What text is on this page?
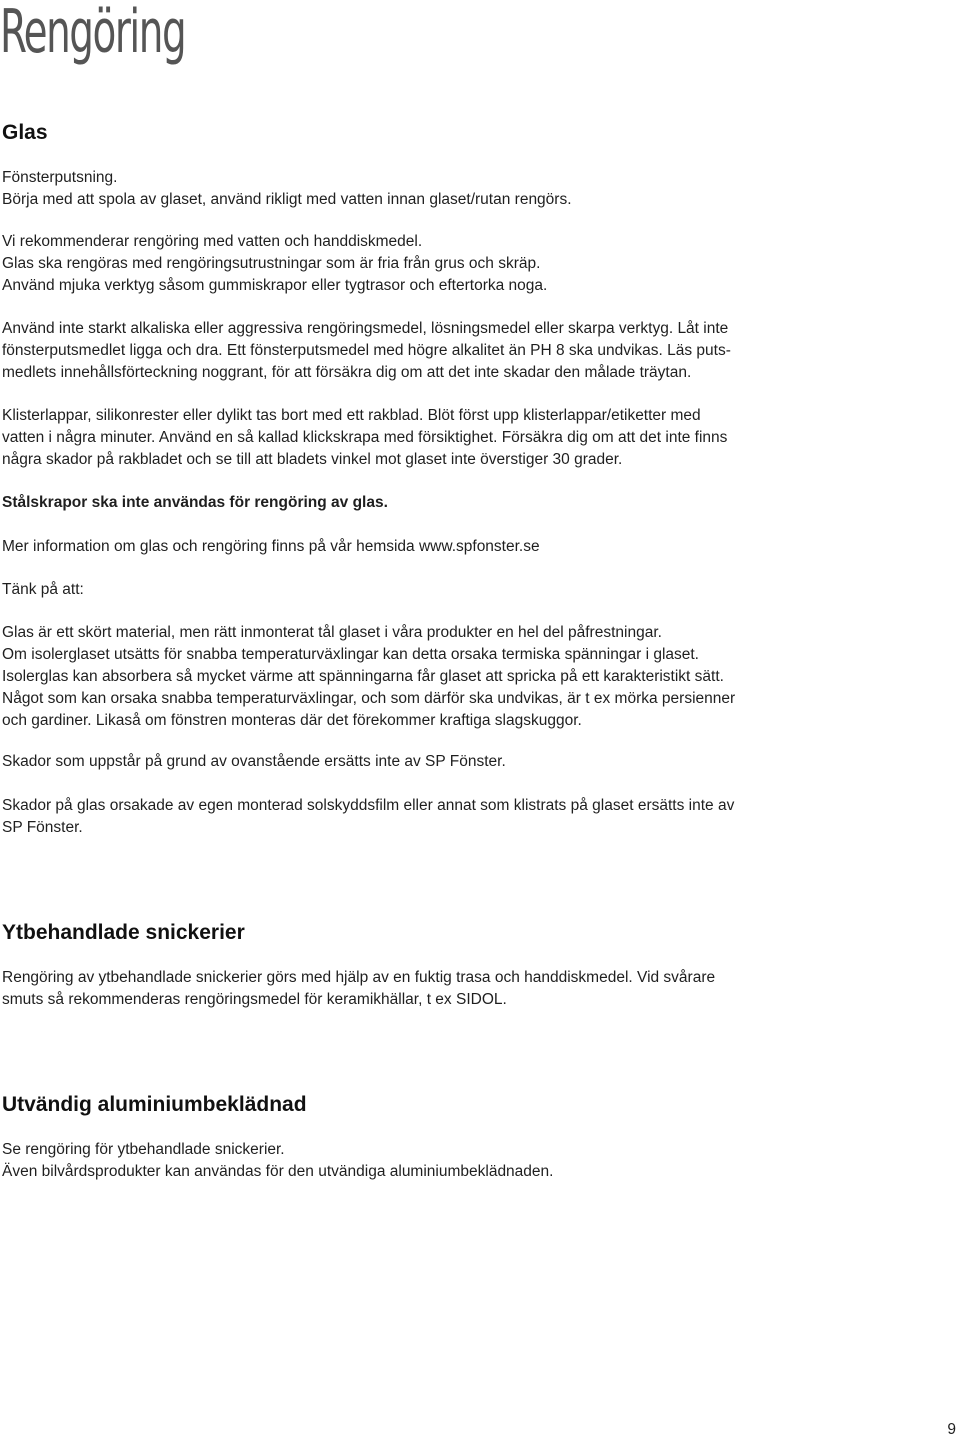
Rengöring
Glas

Fönsterputsning.
Börja med att spola av glaset, använd rikligt med vatten innan glaset/rutan rengörs.

Vi rekommenderar rengöring med vatten och handdiskmedel.
Glas ska rengöras med rengöringsutrustningar som är fria från grus och skräp.
Använd mjuka verktyg såsom gummiskrapor eller tygtrasor och eftertorka noga.

Använd inte starkt alkaliska eller aggressiva rengöringsmedel, lösningsmedel eller skarpa verktyg. Låt inte
fönsterputsmedlet ligga och dra. Ett fönsterputsmedel med högre alkalitet än PH 8 ska undvikas. Läs puts-
medlets innehållsförteckning noggrant, för att försäkra dig om att det inte skadar den målade träytan.

Klisterlappar, silikonrester eller dylikt tas bort med ett rakblad. Blöt först upp klisterlappar/etiketter med
vatten i några minuter. Använd en så kallad klickskrapa med försiktighet. Försäkra dig om att det inte finns
några skador på rakbladet och se till att bladets vinkel mot glaset inte överstiger 30 grader.

Stålskrapor ska inte användas för rengöring av glas.

Mer information om glas och rengöring finns på vår hemsida www.spfonster.se

Tänk på att:

Glas är ett skört material, men rätt inmonterat tål glaset i våra produkter en hel del påfrestningar.
Om isolerglaset utsätts för snabba temperaturväxlingar kan detta orsaka termiska spänningar i glaset.
Isolerglas kan absorbera så mycket värme att spänningarna får glaset att spricka på ett karakteristikt sätt.
Något som kan orsaka snabba temperaturväxlingar, och som därför ska undvikas, är t ex mörka persienner
och gardiner. Likaså om fönstren monteras där det förekommer kraftiga slagskuggor.

Skador som uppstår på grund av ovanstående ersätts inte av SP Fönster.

Skador på glas orsakade av egen monterad solskyddsfilm eller annat som klistrats på glaset ersätts inte av
SP Fönster.

Ytbehandlade snickerier

Rengöring av ytbehandlade snickerier görs med hjälp av en fuktig trasa och handdiskmedel. Vid svårare
smuts så rekommenderas rengöringsmedel för keramikhällar, t ex SIDOL.

Utvändig aluminiumbeklädnad

Se rengöring för ytbehandlade snickerier.
Även bilvårdsprodukter kan användas för den utvändiga aluminiumbeklädnaden.

9
